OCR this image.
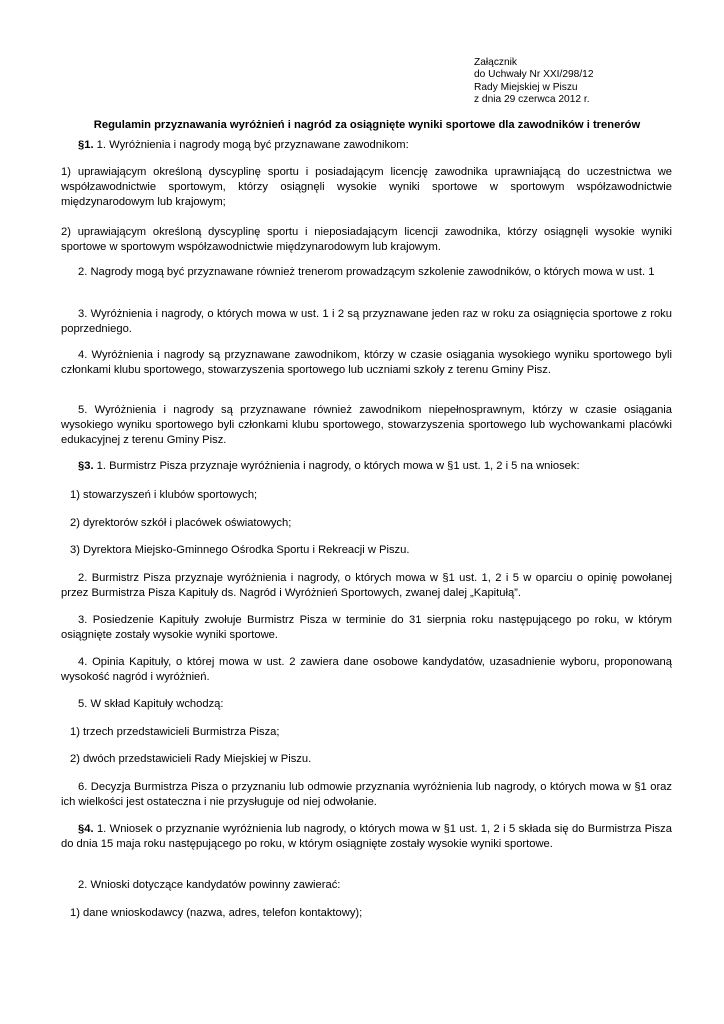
Załącznik
do Uchwały Nr XXI/298/12
Rady Miejskiej w Piszu
z dnia 29 czerwca 2012 r.
Regulamin przyznawania wyróżnień i nagród za osiągnięte wyniki sportowe dla zawodników i trenerów
§1. 1. Wyróżnienia i nagrody mogą być przyznawane zawodnikom:
1) uprawiającym określoną dyscyplinę sportu i posiadającym licencję zawodnika uprawniającą do uczestnictwa we współzawodnictwie sportowym, którzy osiągnęli wysokie wyniki sportowe w sportowym współzawodnictwie międzynarodowym lub krajowym;
2) uprawiającym określoną dyscyplinę sportu i nieposiadającym licencji zawodnika, którzy osiągnęli wysokie wyniki sportowe w sportowym współzawodnictwie międzynarodowym lub krajowym.
2. Nagrody mogą być przyznawane również trenerom prowadzącym szkolenie zawodników, o których mowa w ust. 1
3. Wyróżnienia i nagrody, o których mowa w ust. 1 i 2 są przyznawane jeden raz w roku za osiągnięcia sportowe z roku poprzedniego.
4. Wyróżnienia i nagrody są przyznawane zawodnikom, którzy w czasie osiągania wysokiego wyniku sportowego byli członkami klubu sportowego, stowarzyszenia sportowego lub uczniami szkoły z terenu Gminy Pisz.
5. Wyróżnienia i nagrody są przyznawane również zawodnikom niepełnosprawnym, którzy w czasie osiągania wysokiego wyniku sportowego byli członkami klubu sportowego, stowarzyszenia sportowego lub wychowankami placówki edukacyjnej z terenu Gminy Pisz.
§3. 1. Burmistrz Pisza przyznaje wyróżnienia i nagrody, o których mowa w §1 ust. 1, 2 i 5 na wniosek:
1) stowarzyszeń i klubów sportowych;
2) dyrektorów szkół i placówek oświatowych;
3) Dyrektora Miejsko-Gminnego Ośrodka Sportu i Rekreacji w Piszu.
2. Burmistrz Pisza przyznaje wyróżnienia i nagrody, o których mowa w §1 ust. 1, 2 i 5 w oparciu o opinię powołanej przez Burmistrza Pisza Kapituły ds. Nagród i Wyróżnień Sportowych, zwanej dalej „Kapitułą”.
3. Posiedzenie Kapituły zwołuje Burmistrz Pisza w terminie do 31 sierpnia roku następującego po roku, w którym osiągnięte zostały wysokie wyniki sportowe.
4. Opinia Kapituły, o której mowa w ust. 2 zawiera dane osobowe kandydatów, uzasadnienie wyboru, proponowaną wysokość nagród i wyróżnień.
5. W skład Kapituły wchodzą:
1) trzech przedstawicieli Burmistrza Pisza;
2) dwóch przedstawicieli Rady Miejskiej w Piszu.
6. Decyzja Burmistrza Pisza o przyznaniu lub odmowie przyznania wyróżnienia lub nagrody, o których mowa w §1 oraz ich wielkości jest ostateczna i nie przysługuje od niej odwołanie.
§4. 1. Wniosek o przyznanie wyróżnienia lub nagrody, o których mowa w §1 ust. 1, 2 i 5 składa się do Burmistrza Pisza do dnia 15 maja roku następującego po roku, w którym osiągnięte zostały wysokie wyniki sportowe.
2. Wnioski dotyczące kandydatów powinny zawierać:
1) dane wnioskodawcy (nazwa, adres, telefon kontaktowy);
